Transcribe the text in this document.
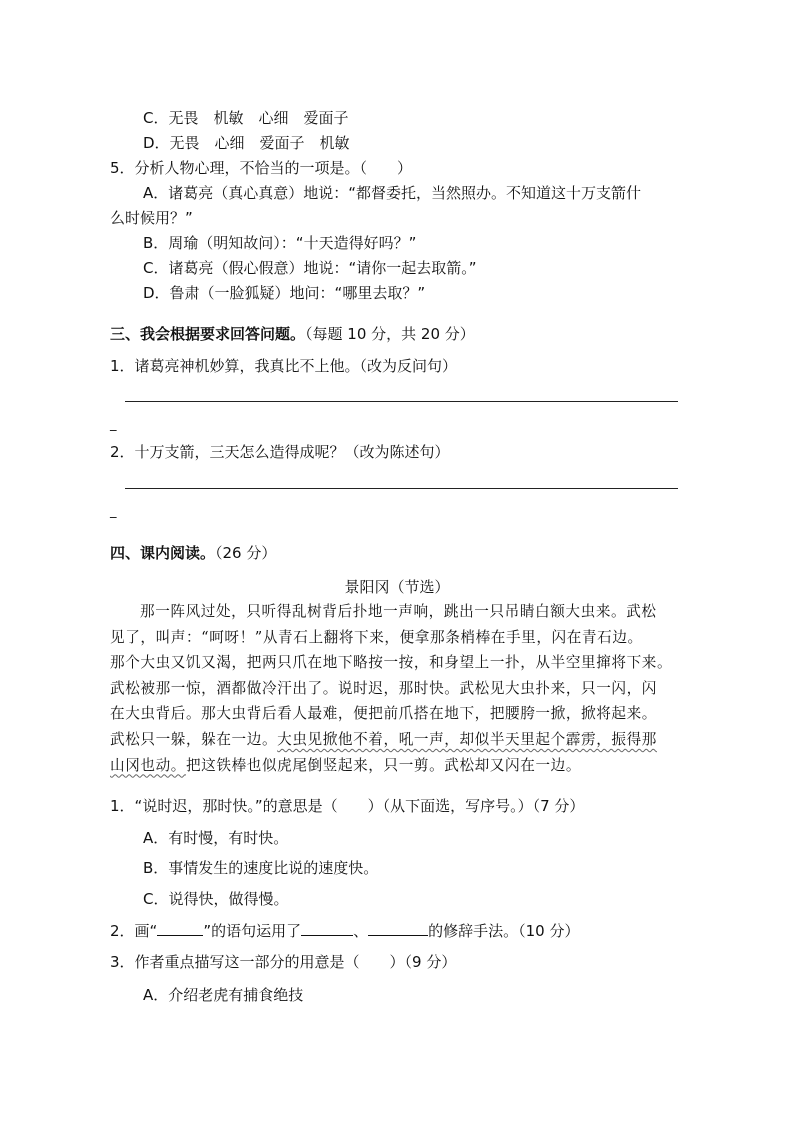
C．无畏　机敏　心细　爱面子
D．无畏　心细　爱面子　机敏
5．分析人物心理，不恰当的一项是。（　　）
A．诸葛亮（真心真意）地说：“都督委托，当然照办。不知道这十万支箭什
么时候用？”
B．周瑜（明知故问）：“十天造得好吗？”
C．诸葛亮（假心假意）地说：“请你一起去取箭。”
D．鲁肃（一脸狐疑）地问：“哪里去取？”
三、我会根据要求回答问题。（每题 10 分，共 20 分）
1．诸葛亮神机妙算，我真比不上他。（改为反问句）
_
2．十万支箭，三天怎么造得成呢？（改为陈述句）
_
四、课内阅读。（26 分）
景阳冈（节选）
那一阵风过处，只听得乱树背后扑地一声响，跳出一只吊睛白额大虫来。武松
见了，叫声：“呵呀！”从青石上翻将下来，便拿那条梢棒在手里，闪在青石边。
那个大虫又饥又渴，把两只爪在地下略按一按，和身望上一扑，从半空里撺将下来。
武松被那一惊，酒都做冷汗出了。说时迟，那时快。武松见大虫扑来，只一闪，闪
在大虫背后。那大虫背后看人最难，便把前爪搭在地下，把腰胯一掀，掀将起来。
武松只一躲，躲在一边。大虫见掀他不着，吼一声，却似半天里起个霹雳，振得那
山冈也动。把这铁棒也似虎尾倒竖起来，只一剪。武松却又闪在一边。
1．“说时迟，那时快。”的意思是（　　）（从下面选，写序号。）（7 分）
A．有时慢，有时快。
B．事情发生的速度比说的速度快。
C．说得快，做得慢。
2．画“	”的语句运用了	、	的修辞手法。（10 分）
3．作者重点描写这一部分的用意是（　　）（9 分）
A．介绍老虎有捕食绝技
